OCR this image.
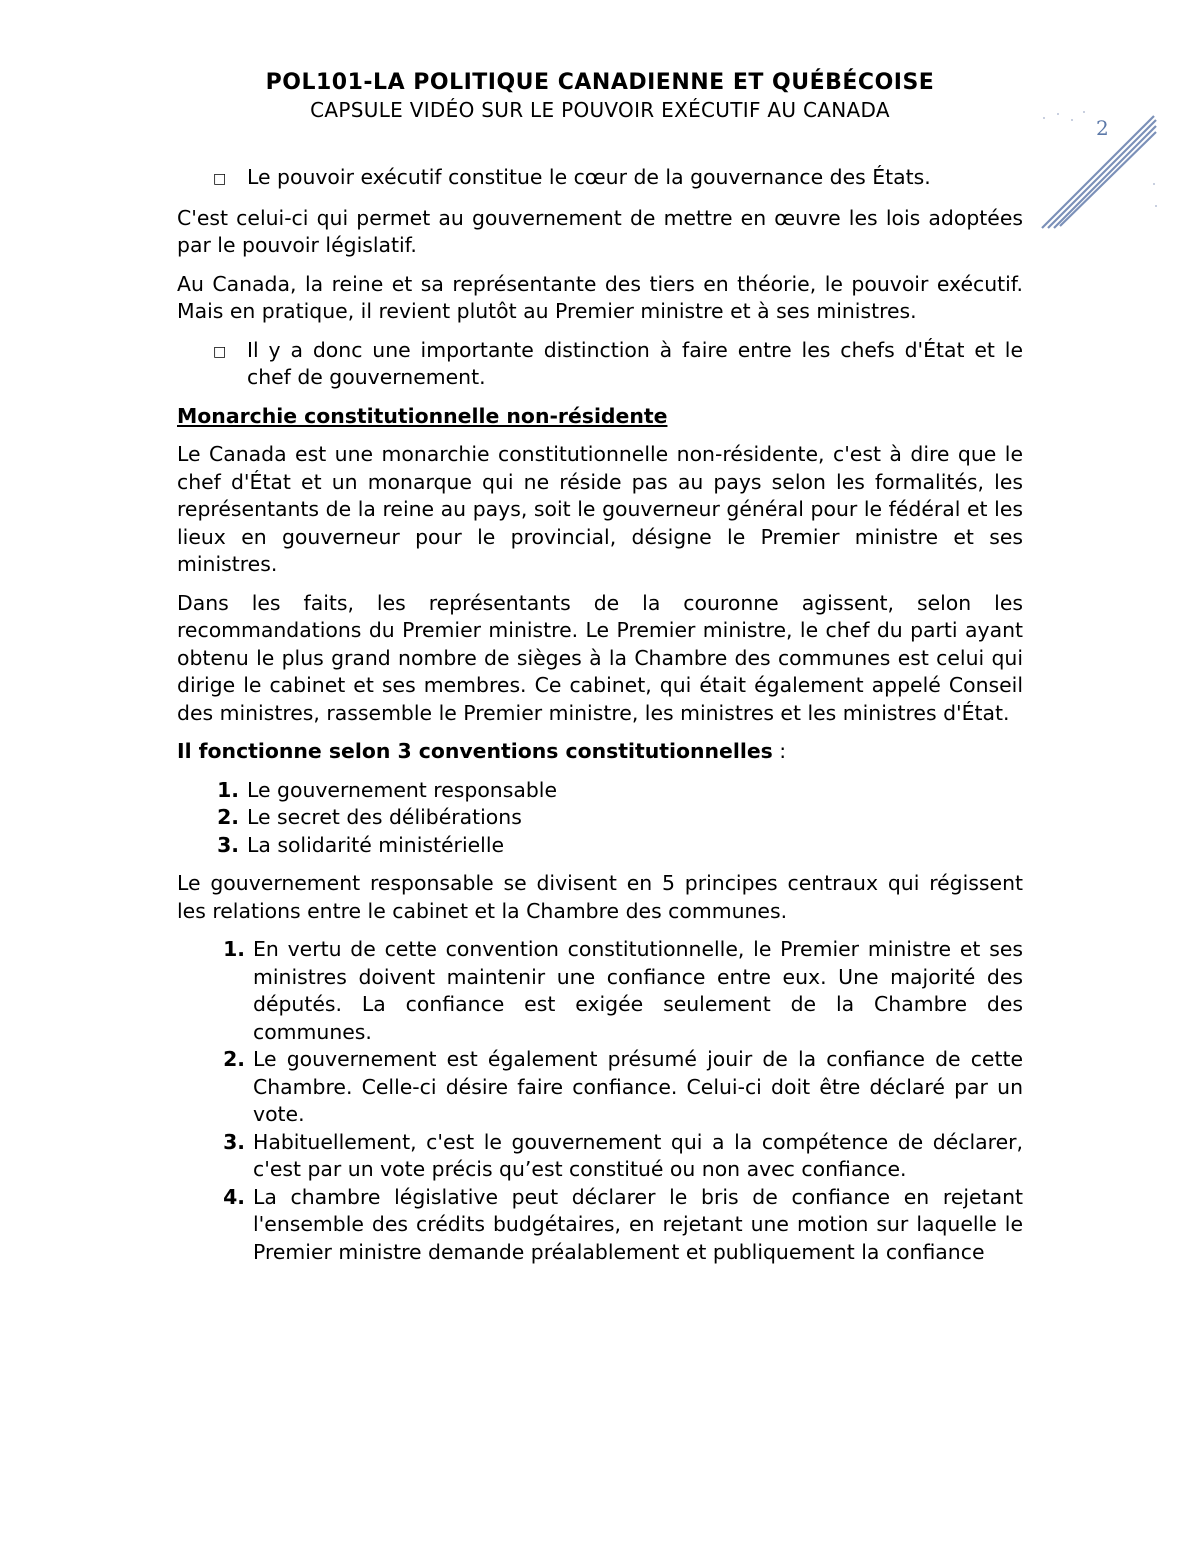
POL101-LA POLITIQUE CANADIENNE ET QUÉBÉCOISE
CAPSULE VIDÉO SUR LE POUVOIR EXÉCUTIF AU CANADA
2
□	Le pouvoir exécutif constitue le cœur de la gouvernance des États.

C'est celui-ci qui permet au gouvernement de mettre en œuvre les lois adoptées par le pouvoir législatif.

Au Canada, la reine et sa représentante des tiers en théorie, le pouvoir exécutif. Mais en pratique, il revient plutôt au Premier ministre et à ses ministres.

□	Il y a donc une importante distinction à faire entre les chefs d'État et le chef de gouvernement.
Monarchie constitutionnelle non-résidente

Le Canada est une monarchie constitutionnelle non-résidente, c'est à dire que le chef d'État et un monarque qui ne réside pas au pays selon les formalités, les représentants de la reine au pays, soit le gouverneur général pour le fédéral et les lieux en gouverneur pour le provincial, désigne le Premier ministre et ses ministres.

Dans les faits, les représentants de la couronne agissent, selon les recommandations du Premier ministre. Le Premier ministre, le chef du parti ayant obtenu le plus grand nombre de sièges à la Chambre des communes est celui qui dirige le cabinet et ses membres. Ce cabinet, qui était également appelé Conseil des ministres, rassemble le Premier ministre, les ministres et les ministres d'État.

Il fonctionne selon 3 conventions constitutionnelles :
1. Le gouvernement responsable
2. Le secret des délibérations
3. La solidarité ministérielle

Le gouvernement responsable se divisent en 5 principes centraux qui régissent les relations entre le cabinet et la Chambre des communes.

1. En vertu de cette convention constitutionnelle, le Premier ministre et ses ministres doivent maintenir une confiance entre eux. Une majorité des députés. La confiance est exigée seulement de la Chambre des communes.
2. Le gouvernement est également présumé jouir de la confiance de cette Chambre. Celle-ci désire faire confiance. Celui-ci doit être déclaré par un vote.
3. Habituellement, c'est le gouvernement qui a la compétence de déclarer, c'est par un vote précis qu’est constitué ou non avec confiance.
4. La chambre législative peut déclarer le bris de confiance en rejetant l'ensemble des crédits budgétaires, en rejetant une motion sur laquelle le Premier ministre demande préalablement et publiquement la confiance
